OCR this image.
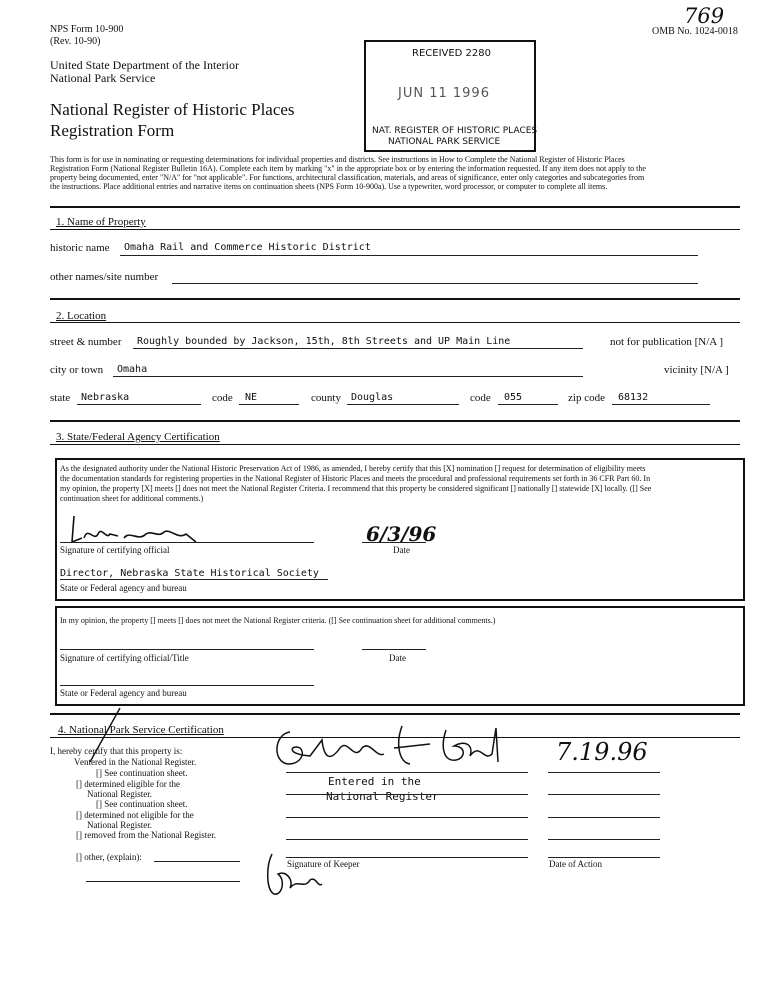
NPS Form 10-900
(Rev. 10-90)
OMB No. 1024-0018
769
United State Department of the Interior
National Park Service
National Register of Historic Places
Registration Form
RECEIVED 2280
JUN 11 1996
NAT. REGISTER OF HISTORIC PLACES
NATIONAL PARK SERVICE
This form is for use in nominating or requesting determinations for individual properties and districts. See instructions in How to Complete the National Register of Historic Places
Registration Form (National Register Bulletin 16A). Complete each item by marking "x" in the appropriate box or by entering the information requested. If any item does not apply to the
property being documented, enter "N/A" for "not applicable". For functions, architectural classification, materials, and areas of significance, enter only categories and subcategories from
the instructions. Place additional entries and narrative items on continuation sheets (NPS Form 10-900a). Use a typewriter, word processor, or computer to complete all items.
1. Name of Property
historic name Omaha Rail and Commerce Historic District
other names/site number
2. Location
street & number Roughly bounded by Jackson, 15th, 8th Streets and UP Main Line	not for publication [N/A ]
city or town Omaha	vicinity [N/A ]
state Nebraska	code NE	county Douglas	code 055	zip code 68132
3. State/Federal Agency Certification
As the designated authority under the National Historic Preservation Act of 1986, as amended, I hereby certify that this [X] nomination [] request for determination of eligibility meets
the documentation standards for registering properties in the National Register of Historic Places and meets the procedural and professional requirements set forth in 36 CFR Part 60. In
my opinion, the property [X] meets [] does not meet the National Register Criteria. I recommend that this property be considered significant [] nationally [] statewide [X] locally. ([] See
continuation sheet for additional comments.)
Signature of certifying official
6/3/96
Date
Director, Nebraska State Historical Society
State or Federal agency and bureau
In my opinion, the property [] meets [] does not meet the National Register criteria. ([] See continuation sheet for additional comments.)
Signature of certifying official/Title	Date
State or Federal agency and bureau
4. National Park Service Certification
I, hereby certify that this property is:
V entered in the National Register.
[] See continuation sheet.
[] determined eligible for the
National Register.
[] See continuation sheet.
[] determined not eligible for the
National Register.
[] removed from the National Register.
[] other, (explain):
Entered in the
National Register
Signature of Keeper
7.19.96
Date of Action
